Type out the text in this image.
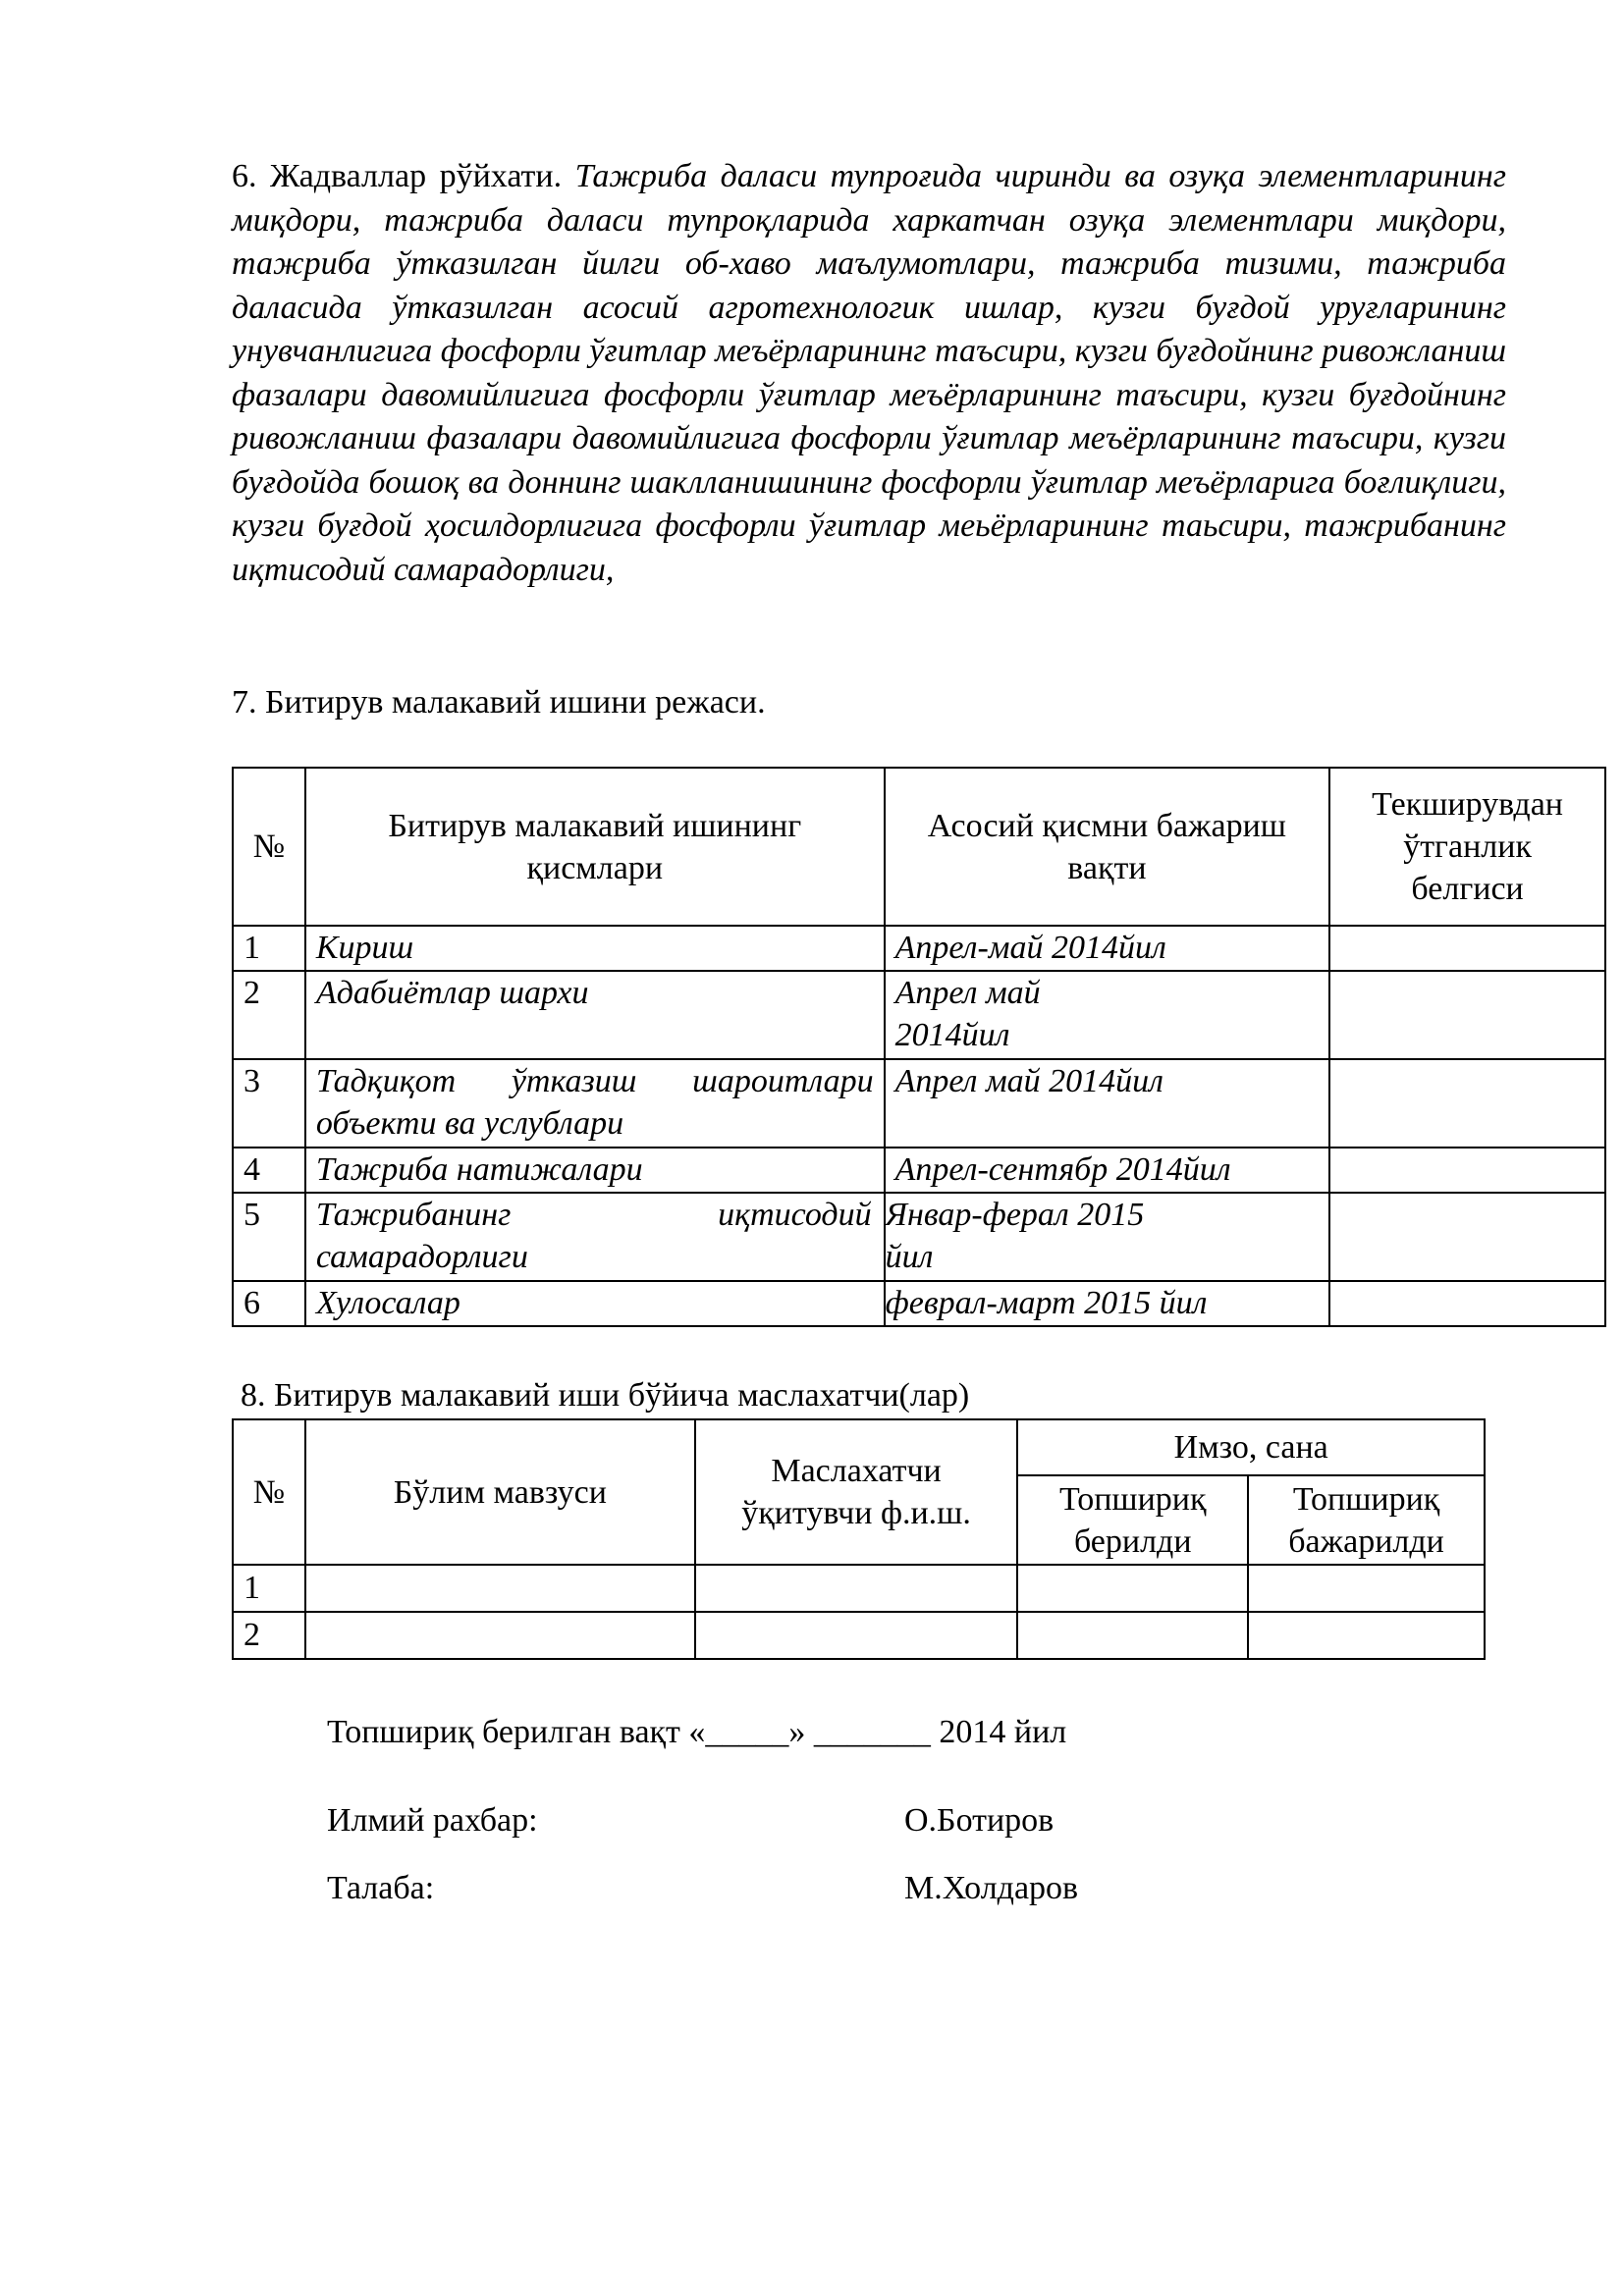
6. Жадваллар рўйхати. Тажриба даласи тупроғида чиринди ва озуқа элементларининг миқдори, тажриба даласи тупроқларида харкатчан озуқа элементлари миқдори, тажриба ўтказилган йилги об-хаво маълумотлари, тажриба тизими, тажриба даласида ўтказилган асосий агротехнологик ишлар, кузги буғдой уруғларининг унувчанлигига фосфорли ўғитлар меъёрларининг таъсири, кузги буғдойнинг ривожланиш фазалари давомийлигига фосфорли ўғитлар меъёрларининг таъсири, кузги буғдойнинг ривожланиш фазалари давомийлигига фосфорли ўғитлар меъёрларининг таъсири, кузги буғдойда бошоқ ва доннинг шаклланишининг фосфорли ўғитлар меъёрларига боғлиқлиги, кузги буғдой ҳосилдорлигига фосфорли ўғитлар меьёрларининг таьсири, тажрибанинг иқтисодий самарадорлиги,
7. Битирув малакавий ишини режаси.
№	Битирув малакавий ишининг қисмлари	Асосий қисмни бажариш вақти	Текширувдан ўтганлик белгиси
1	Кириш	Апрел-май 2014йил	
2	Адабиётлар шархи	Апрел май 2014йил	
3	Тадқиқот ўтказиш шароитлари объекти ва услублари	Апрел май 2014йил	
4	Тажриба натижалари	Апрел-сентябр 2014йил	
5	Тажрибанинг иқтисодий самарадорлиги	Январ-ферал 2015 йил	
6	Хулосалар	феврал-март 2015 йил	
8. Битирув малакавий иши бўйича маслахатчи(лар)
№	Бўлим мавзуси	Маслахатчи ўқитувчи ф.и.ш.	Имзо, сана	
			Топшириқ берилди	Топшириқ бажарилди
1				
2				
Топшириқ берилган вақт «_____» _______ 2014 йил
Илмий рахбар:	О.Ботиров
Талаба:	М.Холдаров
